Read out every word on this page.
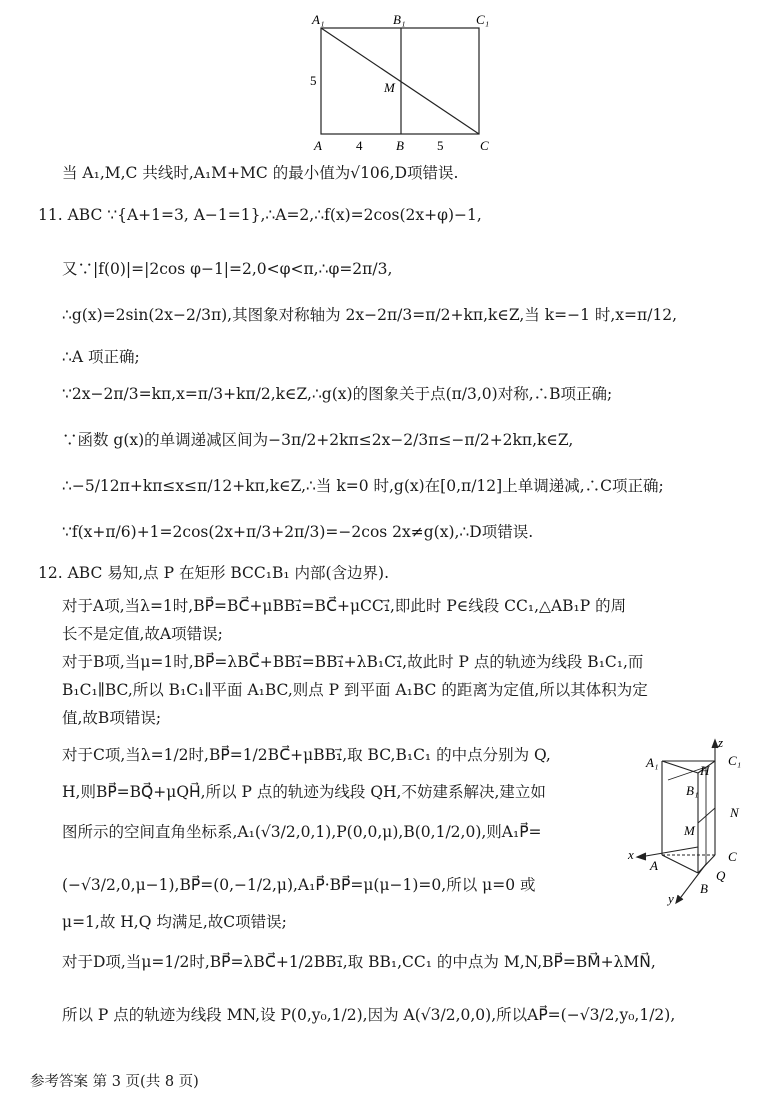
A₁	B₁	C₁
5	M
A	4	B	5	C
当 A₁,M,C 共线时,A₁M+MC 的最小值为√106,D项错误.
11. ABC ∵{A+1=3, A−1=1},∴A=2,∴f(x)=2cos(2x+φ)−1,
又∵|f(0)|=|2cos φ−1|=2,0<φ<π,∴φ=2π/3,
∴g(x)=2sin(2x−2/3π),其图象对称轴为 2x−2π/3=π/2+kπ,k∈Z,当 k=−1 时,x=π/12,
∴A 项正确;
∵2x−2π/3=kπ,x=π/3+kπ/2,k∈Z,∴g(x)的图象关于点(π/3,0)对称,∴B项正确;
∵函数 g(x)的单调递减区间为−3π/2+2kπ≤2x−2/3π≤−π/2+2kπ,k∈Z,
∴−5/12π+kπ≤x≤π/12+kπ,k∈Z,∴当 k=0 时,g(x)在[0,π/12]上单调递减,∴C项正确;
∵f(x+π/6)+1=2cos(2x+π/3+2π/3)=−2cos 2x≠g(x),∴D项错误.
12. ABC 易知,点 P 在矩形 BCC₁B₁ 内部(含边界).
对于A项,当λ=1时,BP⃗=BC⃗+μBB₁⃗=BC⃗+μCC₁⃗,即此时 P∈线段 CC₁,△AB₁P 的周
长不是定值,故A项错误;
对于B项,当μ=1时,BP⃗=λBC⃗+BB₁⃗=BB₁⃗+λB₁C₁⃗,故此时 P 点的轨迹为线段 B₁C₁,而
B₁C₁∥BC,所以 B₁C₁∥平面 A₁BC,则点 P 到平面 A₁BC 的距离为定值,所以其体积为定
值,故B项错误;
对于C项,当λ=1/2时,BP⃗=1/2BC⃗+μBB₁⃗,取 BC,B₁C₁ 的中点分别为 Q,
H,则BP⃗=BQ⃗+μQH⃗,所以 P 点的轨迹为线段 QH,不妨建系解决,建立如
图所示的空间直角坐标系,A₁(√3/2,0,1),P(0,0,μ),B(0,1/2,0),则A₁P⃗=
(−√3/2,0,μ−1),BP⃗=(0,−1/2,μ),A₁P⃗·BP⃗=μ(μ−1)=0,所以 μ=0 或
μ=1,故 H,Q 均满足,故C项错误;
对于D项,当μ=1/2时,BP⃗=λBC⃗+1/2BB₁⃗,取 BB₁,CC₁ 的中点为 M,N,BP⃗=BM⃗+λMN⃗,
所以 P 点的轨迹为线段 MN,设 P(0,y₀,1/2),因为 A(√3/2,0,0),所以AP⃗=(−√3/2,y₀,1/2),
A₁
H
C₁
B₁
N
M
x
A
C
Q
y
B
z
参考答案 第 3 页(共 8 页)
